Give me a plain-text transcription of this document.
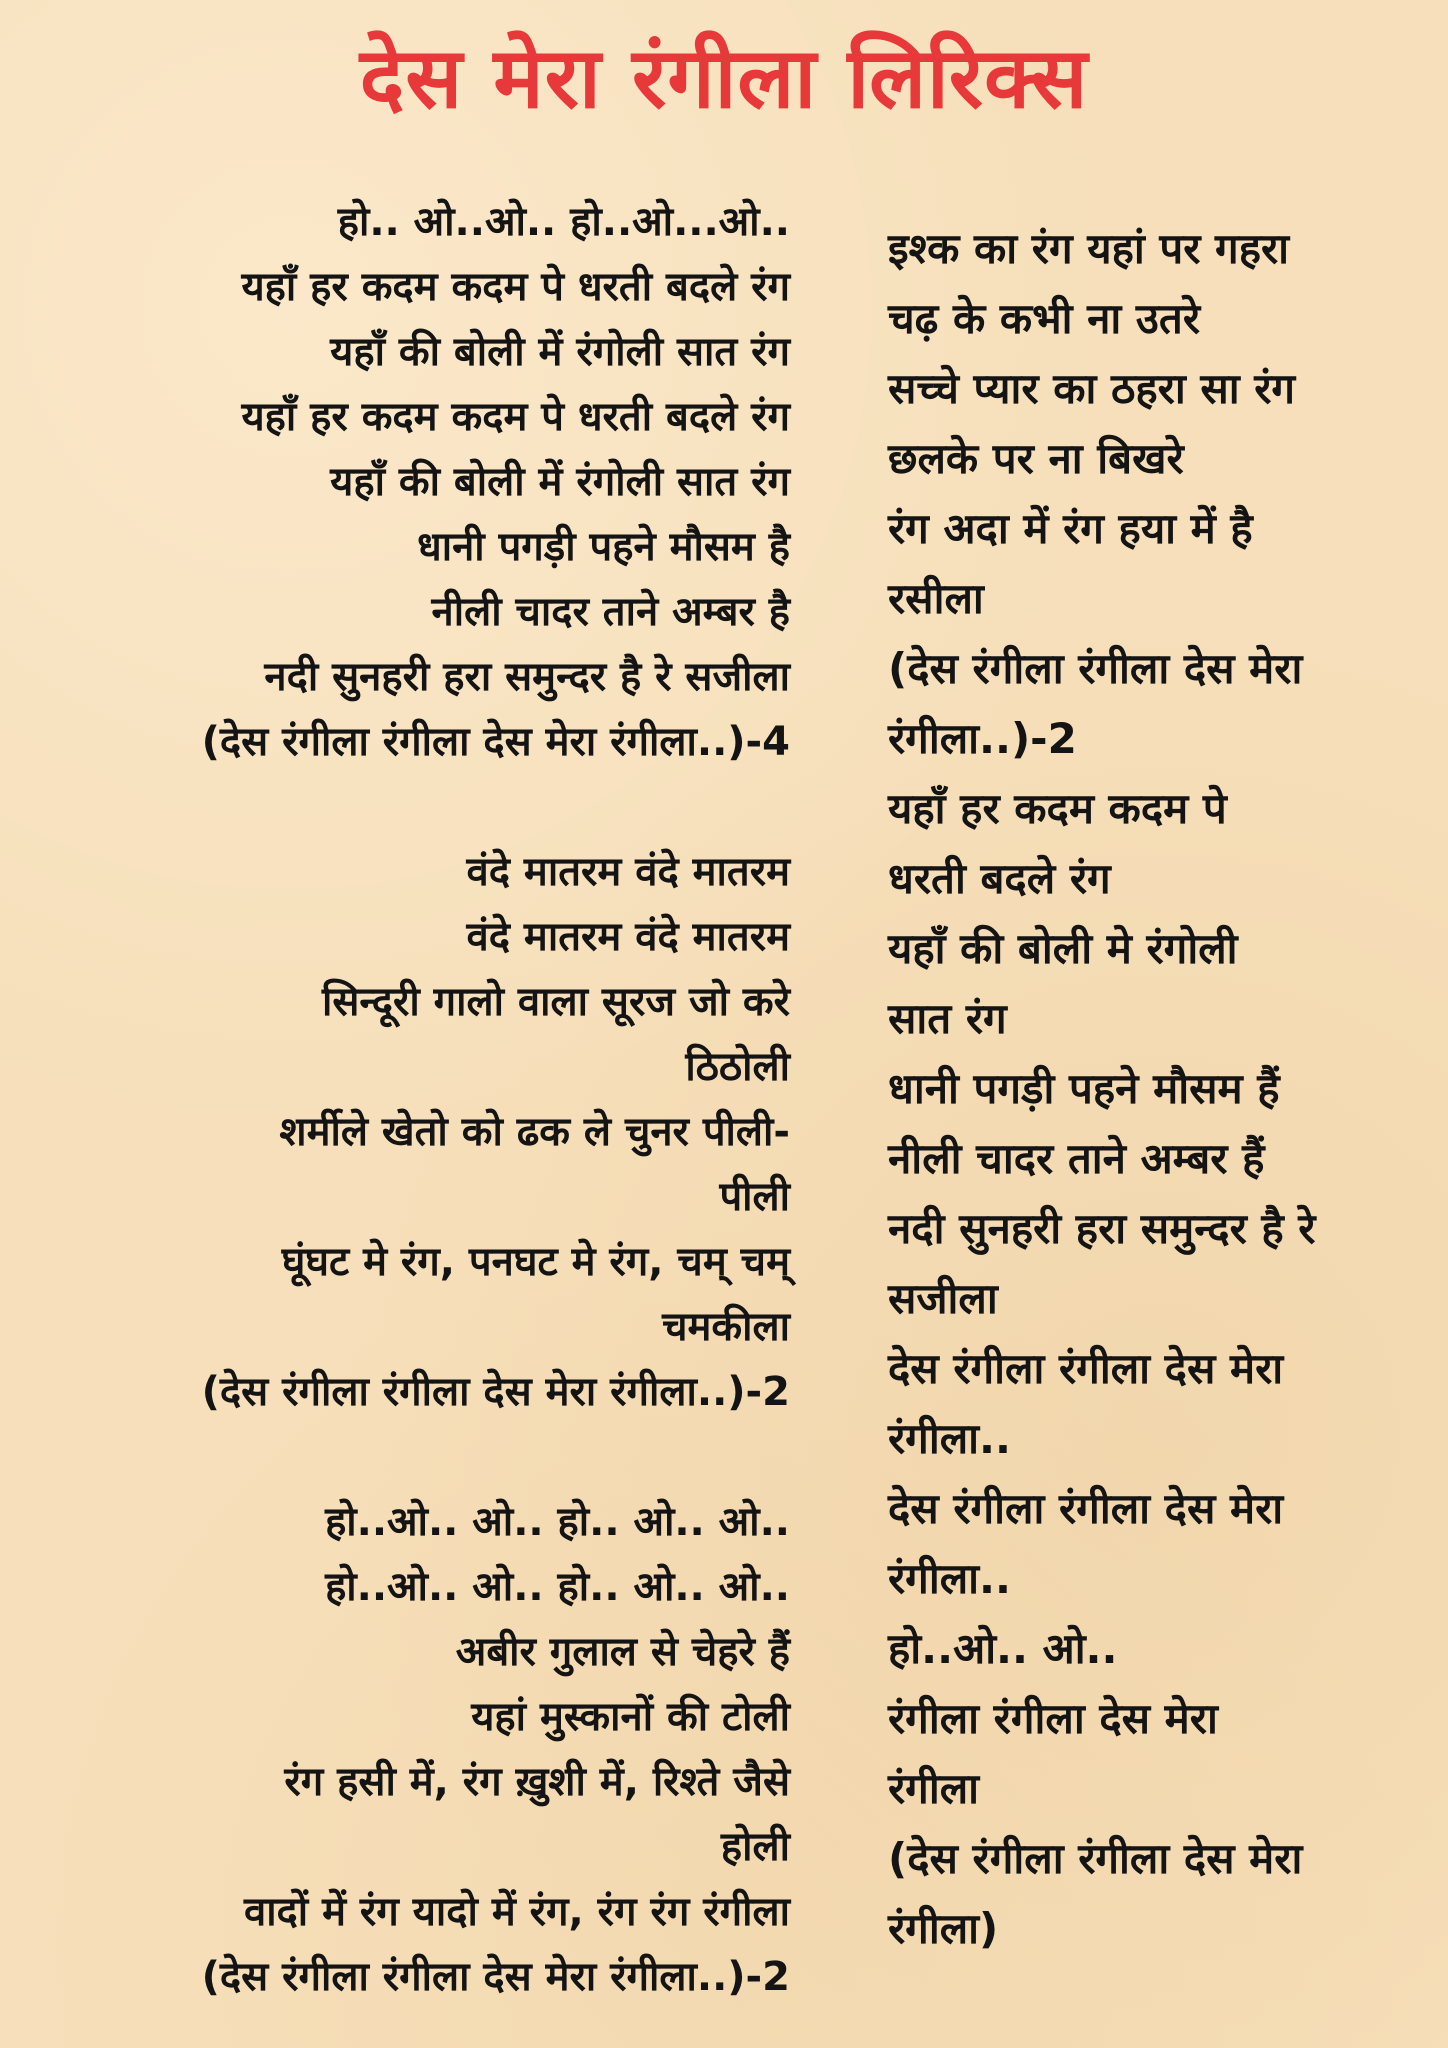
देस मेरा रंगीला लिरिक्स
हो.. ओ..ओ.. हो..ओ...ओ..
यहाँ हर कदम कदम पे धरती बदले रंग
यहाँ की बोली में रंगोली सात रंग
यहाँ हर कदम कदम पे धरती बदले रंग
यहाँ की बोली में रंगोली सात रंग
धानी पगड़ी पहने मौसम है
नीली चादर ताने अम्बर है
नदी सुनहरी हरा समुन्दर है रे सजीला
(देस रंगीला रंगीला देस मेरा रंगीला..)-4
वंदे मातरम वंदे मातरम
वंदे मातरम वंदे मातरम
सिन्दूरी गालो वाला सूरज जो करे
ठिठोली
शर्मीले खेतो को ढक ले चुनर पीली-
पीली
घूंघट मे रंग, पनघट मे रंग, चम् चम्
चमकीला
(देस रंगीला रंगीला देस मेरा रंगीला..)-2
हो..ओ.. ओ.. हो.. ओ.. ओ..
हो..ओ.. ओ.. हो.. ओ.. ओ..
अबीर गुलाल से चेहरे हैं
यहां मुस्कानों की टोली
रंग हसी में, रंग ख़ुशी में, रिश्ते जैसे
होली
वादों में रंग यादो में रंग, रंग रंग रंगीला
(देस रंगीला रंगीला देस मेरा रंगीला..)-2
इश्क का रंग यहां पर गहरा
चढ़ के कभी ना उतरे
सच्चे प्यार का ठहरा सा रंग
छलके पर ना बिखरे
रंग अदा में रंग हया में है
रसीला
(देस रंगीला रंगीला देस मेरा
रंगीला..)-2
यहाँ हर कदम कदम पे
धरती बदले रंग
यहाँ की बोली मे रंगोली
सात रंग
धानी पगड़ी पहने मौसम हैं
नीली चादर ताने अम्बर हैं
नदी सुनहरी हरा समुन्दर है रे
सजीला
देस रंगीला रंगीला देस मेरा
रंगीला..
देस रंगीला रंगीला देस मेरा
रंगीला..
हो..ओ.. ओ..
रंगीला रंगीला देस मेरा
रंगीला
(देस रंगीला रंगीला देस मेरा
रंगीला)
